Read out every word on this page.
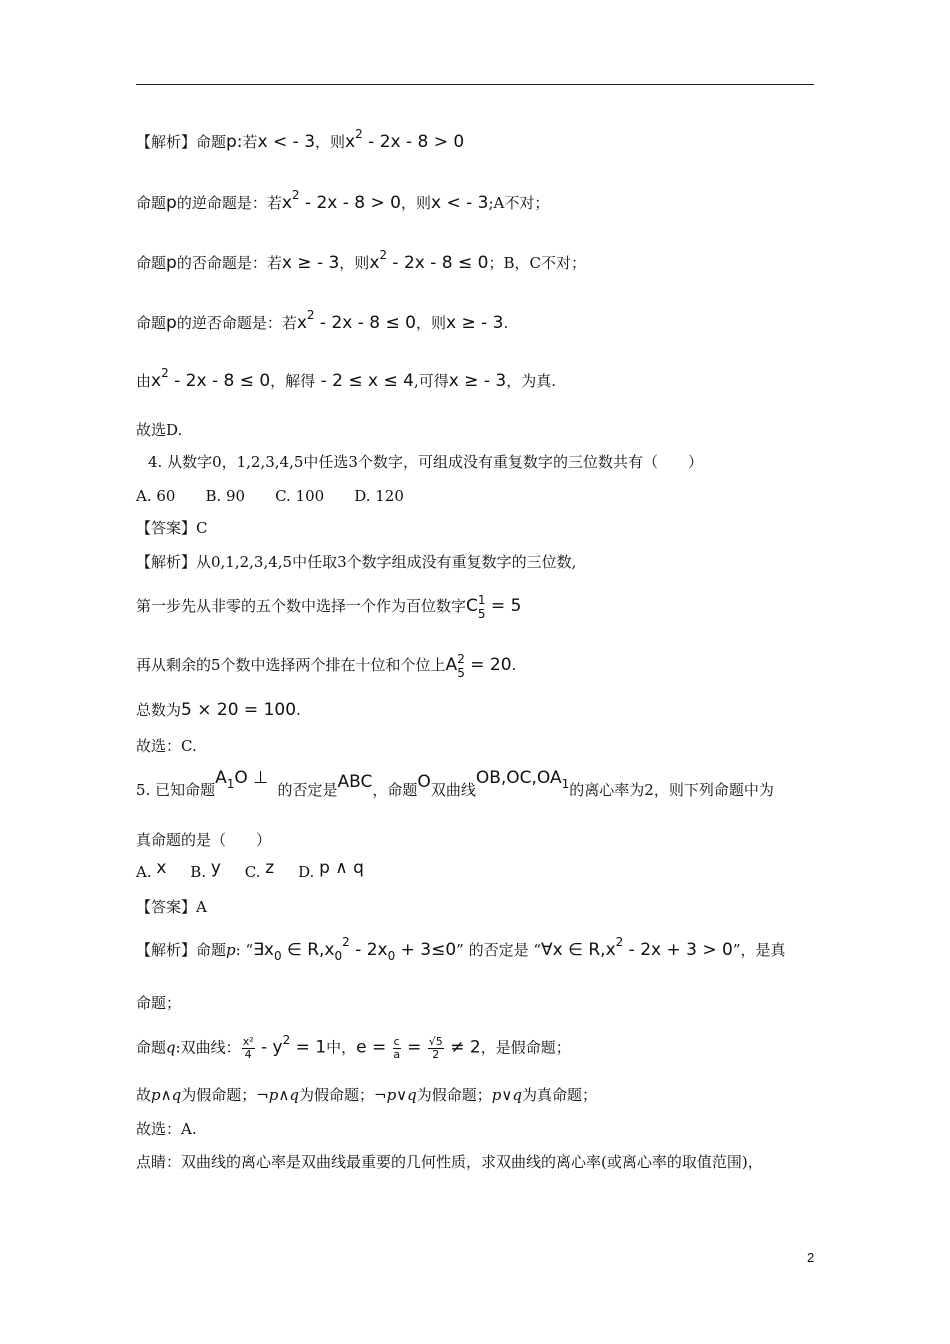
【解析】命题p:若x < - 3，则$x^2 - 2x - 8 > 0$
命题p的逆命题是：若$x^2 - 2x - 8 > 0$，则x < - 3;A不对；
命题p的否命题是：若x ≥ - 3，则$x^2 - 2x - 8 \le 0$；B，C不对；
命题p的逆否命题是：若$x^2 - 2x - 8 \le 0$，则x ≥ - 3.
由$x^2 - 2x - 8 \le 0$，解得 - 2 ≤ x ≤ 4,可得x ≥ - 3，为真.
故选D.
4. 从数字0，1,2,3,4,5中任选3个数字，可组成没有重复数字的三位数共有（　　）
A. 60　　B. 90　　C. 100　　D. 120
【答案】C
【解析】从0,1,2,3,4,5中任取3个数字组成没有重复数字的三位数,
第一步先从非零的五个数中选择一个作为百位数字C 1
5 = 5
再从剩余的5个数中选择两个排在十位和个位上A 2
5 = 20.
总数为5 × 20 = 100.
故选：C.
5. 已知命题$A_1O$ ⊥  的否定是ABC，命题O双曲线$OB,OC,OA_1$的离心率为2，则下列命题中为
真命题的是（　　）
A. x B. y C. z D. p ∧ q
【答案】A
【解析】命题p: “$\exists x_0$ ∈ $R,x_0^2 - 2x_0 + 3\le 0$” 的否定是 “∀x ∈ $R,x^2 - 2x + 3 > 0$”，是真
命题；
命题q:双曲线： $\frac{\text{x²}}{4} - y^2 = 1$中，$e = \frac{c}{a} = \frac{√5}{2} \ne 2$，是假命题；
故p∧q为假命题；¬p∧q为假命题；¬p∨q为假命题；p∨q为真命题；
故选：A.
点睛：双曲线的离心率是双曲线最重要的几何性质，求双曲线的离心率(或离心率的取值范围)，
2
